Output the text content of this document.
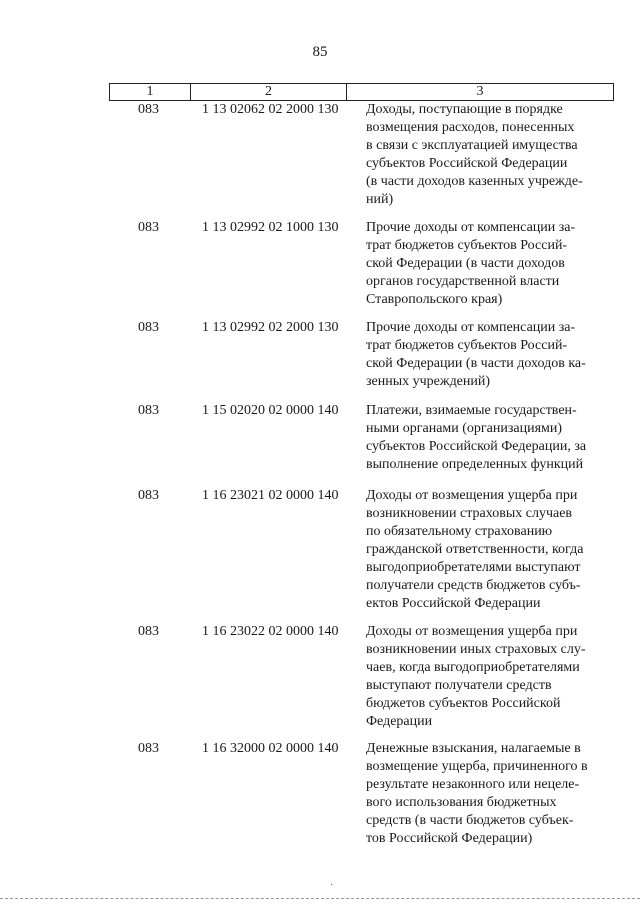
85
1	2	3
083	1 13 02062 02 2000 130	Доходы, поступающие в порядке
возмещения расходов, понесенных
в связи с эксплуатацией имущества
субъектов Российской Федерации
(в части доходов казенных учрежде-
ний)
083	1 13 02992 02 1000 130	Прочие доходы от компенсации за-
трат бюджетов субъектов Россий-
ской Федерации (в части доходов
органов государственной власти
Ставропольского края)
083	1 13 02992 02 2000 130	Прочие доходы от компенсации за-
трат бюджетов субъектов Россий-
ской Федерации (в части доходов ка-
зенных учреждений)
083	1 15 02020 02 0000 140	Платежи, взимаемые государствен-
ными органами (организациями)
субъектов Российской Федерации, за
выполнение определенных функций
083	1 16 23021 02 0000 140	Доходы от возмещения ущерба при
возникновении страховых случаев
по обязательному страхованию
гражданской ответственности, когда
выгодоприобретателями выступают
получатели средств бюджетов субъ-
ектов Российской Федерации
083	1 16 23022 02 0000 140	Доходы от возмещения ущерба при
возникновении иных страховых слу-
чаев, когда выгодоприобретателями
выступают получатели средств
бюджетов субъектов Российской
Федерации
083	1 16 32000 02 0000 140	Денежные взыскания, налагаемые в
возмещение ущерба, причиненного в
результате незаконного или нецеле-
вого использования бюджетных
средств (в части бюджетов субъек-
тов Российской Федерации)
·
